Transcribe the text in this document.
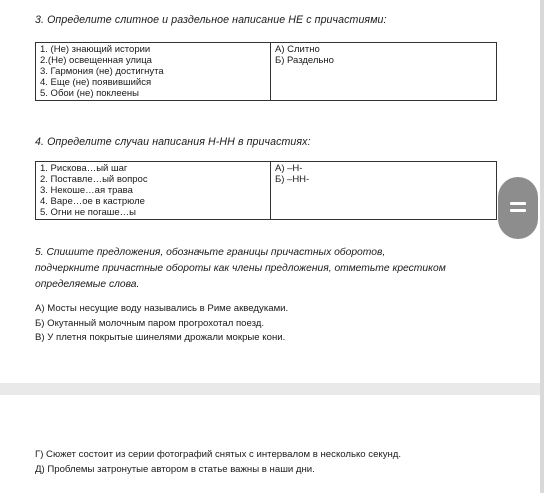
3. Определите слитное и раздельное написание НЕ с причастиями:
1. (Не) знающий истории
2.(Не) освещенная улица
3. Гармония (не) достигнута
4. Еще (не) появившийся
5. Обои (не) поклеены

А) Слитно
Б) Раздельно
4. Определите случаи написания Н-НН в причастиях:
1. Рискова…ый шаг
2. Поставле…ый вопрос
3. Некоше…ая трава
4. Варе…ое в кастрюле
5. Огни не погаше…ы

А) –Н-
Б) –НН-
5. Спишите предложения, обозначьте границы причастных оборотов,
подчеркните причастные обороты как члены предложения, отметьте крестиком
определяемые слова.
А) Мосты несущие воду назывались в Риме акведуками.
Б) Окутанный молочным паром прогрохотал поезд.
В) У плетня покрытые шинелями дрожали мокрые кони.
Г) Сюжет состоит из серии фотографий снятых с интервалом в несколько секунд.
Д) Проблемы затронутые автором в статье важны в наши дни.
